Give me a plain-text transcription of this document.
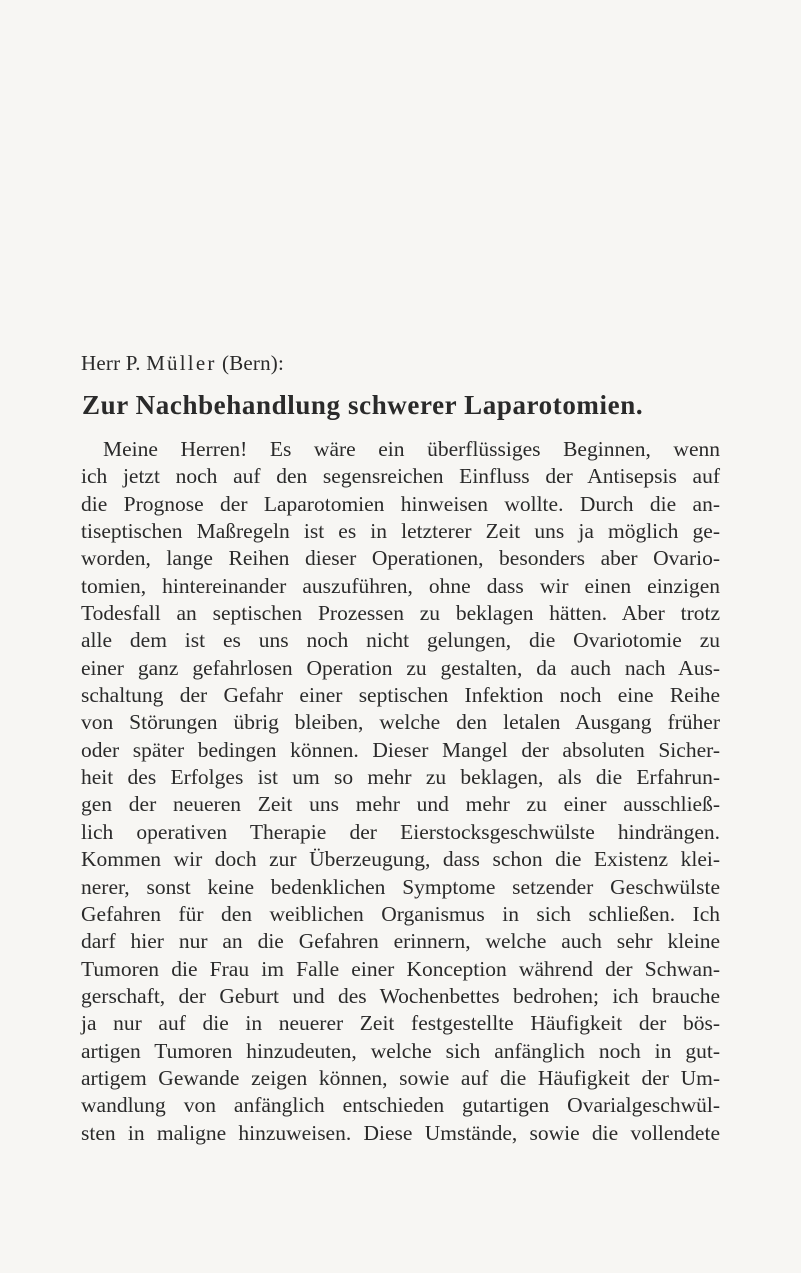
Herr P. Müller (Bern):
Zur Nachbehandlung schwerer Laparotomien.
Meine Herren! Es wäre ein überflüssiges Beginnen, wenn
ich jetzt noch auf den segensreichen Einfluss der Antisepsis auf
die Prognose der Laparotomien hinweisen wollte. Durch die an-
tiseptischen Maßregeln ist es in letzterer Zeit uns ja möglich ge-
worden, lange Reihen dieser Operationen, besonders aber Ovario-
tomien, hintereinander auszuführen, ohne dass wir einen einzigen
Todesfall an septischen Prozessen zu beklagen hätten. Aber trotz
alle dem ist es uns noch nicht gelungen, die Ovariotomie zu
einer ganz gefahrlosen Operation zu gestalten, da auch nach Aus-
schaltung der Gefahr einer septischen Infektion noch eine Reihe
von Störungen übrig bleiben, welche den letalen Ausgang früher
oder später bedingen können. Dieser Mangel der absoluten Sicher-
heit des Erfolges ist um so mehr zu beklagen, als die Erfahrun-
gen der neueren Zeit uns mehr und mehr zu einer ausschließ-
lich operativen Therapie der Eierstocksgeschwülste hindrängen.
Kommen wir doch zur Überzeugung, dass schon die Existenz klei-
nerer, sonst keine bedenklichen Symptome setzender Geschwülste
Gefahren für den weiblichen Organismus in sich schließen. Ich
darf hier nur an die Gefahren erinnern, welche auch sehr kleine
Tumoren die Frau im Falle einer Konception während der Schwan-
gerschaft, der Geburt und des Wochenbettes bedrohen; ich brauche
ja nur auf die in neuerer Zeit festgestellte Häufigkeit der bös-
artigen Tumoren hinzudeuten, welche sich anfänglich noch in gut-
artigem Gewande zeigen können, sowie auf die Häufigkeit der Um-
wandlung von anfänglich entschieden gutartigen Ovarialgeschwül-
sten in maligne hinzuweisen. Diese Umstände, sowie die vollendete
